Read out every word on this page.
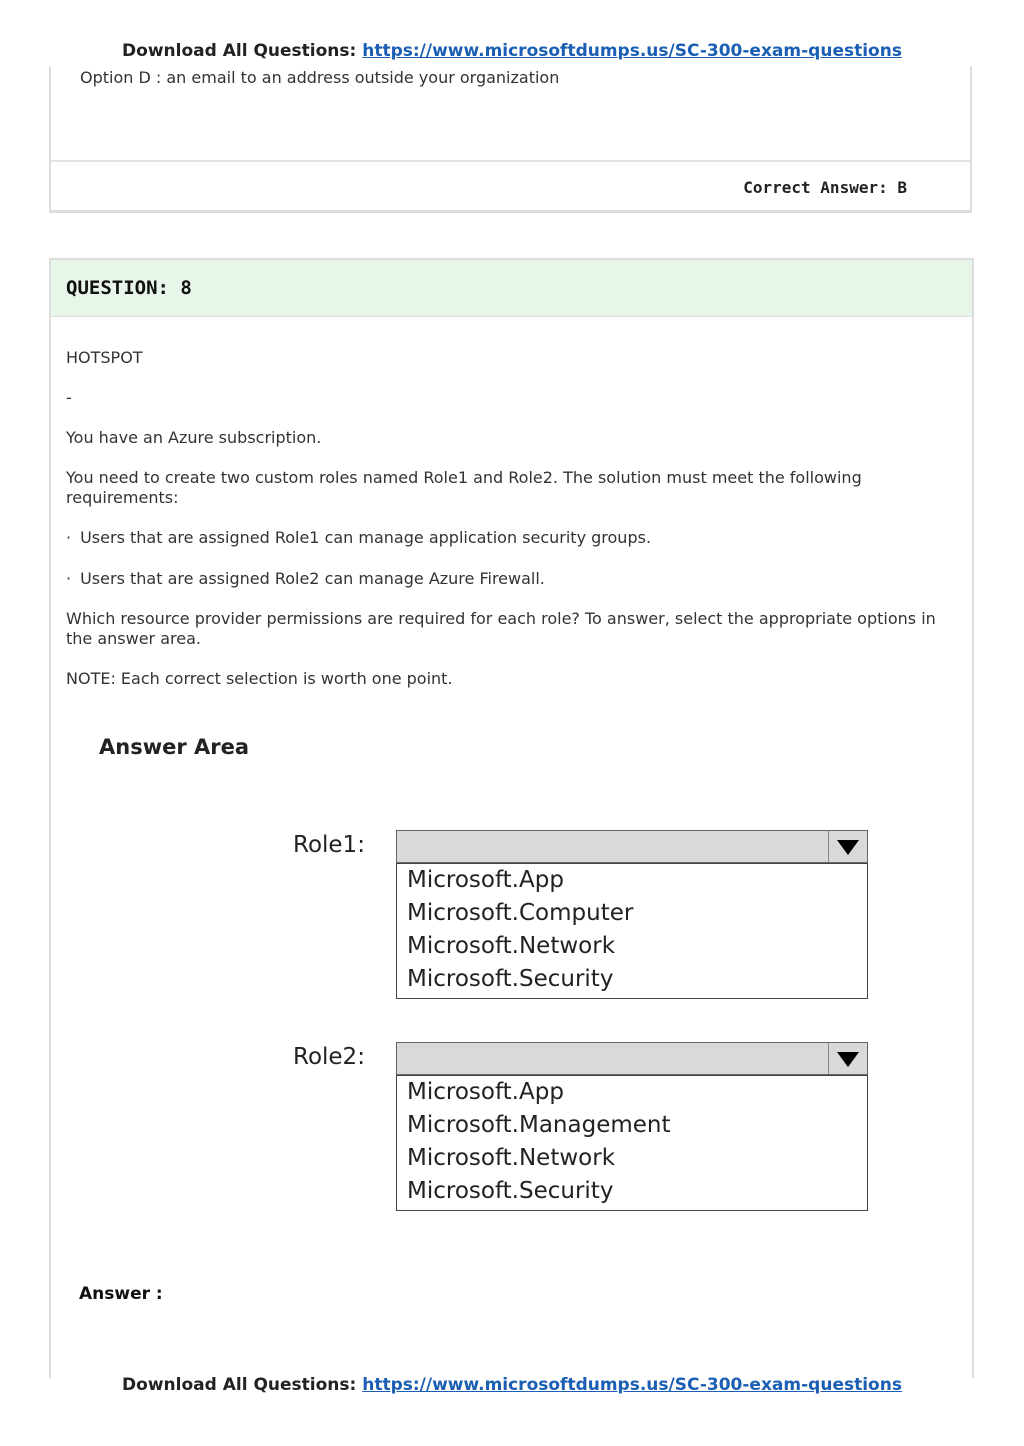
Download All Questions: https://www.microsoftdumps.us/SC-300-exam-questions
Option D : an email to an address outside your organization
Correct Answer: B
QUESTION: 8
HOTSPOT
-
You have an Azure subscription.
You need to create two custom roles named Role1 and Role2. The solution must meet the following requirements:
· Users that are assigned Role1 can manage application security groups.
· Users that are assigned Role2 can manage Azure Firewall.
Which resource provider permissions are required for each role? To answer, select the appropriate options in the answer area.
NOTE: Each correct selection is worth one point.
Answer Area
Role1:
Microsoft.App
Microsoft.Computer
Microsoft.Network
Microsoft.Security
Role2:
Microsoft.App
Microsoft.Management
Microsoft.Network
Microsoft.Security
Answer :
Download All Questions: https://www.microsoftdumps.us/SC-300-exam-questions
